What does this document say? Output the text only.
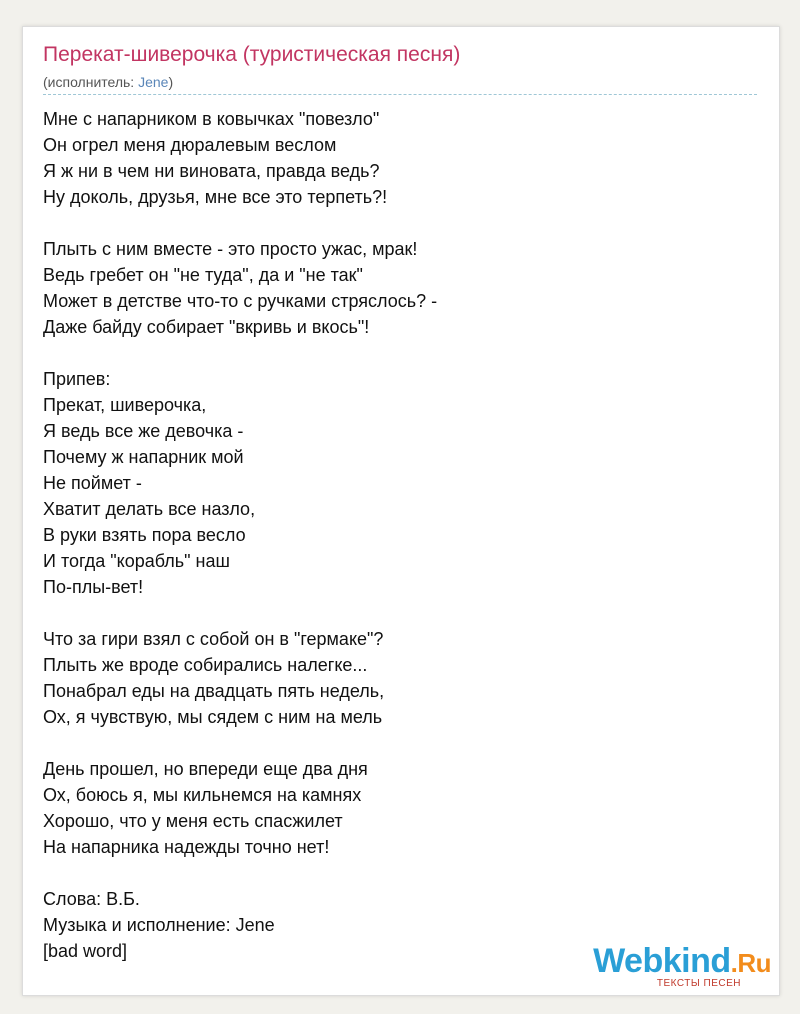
Перекат-шиверочка (туристическая песня)
(исполнитель: Jene)
Мне с напарником в ковычках "повезло"
Он огрел меня дюралевым веслом
Я ж ни в чем ни виновата, правда ведь?
Ну доколь, друзья, мне все это терпеть?!
Плыть с ним вместе - это просто ужас, мрак!
Ведь гребет он "не туда", да и "не так"
Может в детстве что-то с ручками стряслось? -
Даже байду собирает "вкривь и вкось"!
Припев:
Прекат, шиверочка,
Я ведь все же девочка -
Почему ж напарник мой
Не поймет -
Хватит делать все назло,
В руки взять пора весло
И тогда "корабль" наш
По-плы-вет!
Что за гири взял с собой он в "гермаке"?
Плыть же вроде собирались налегке...
Понабрал еды на двадцать пять недель,
Ох, я чувствую, мы сядем с ним на мель
День прошел, но впереди еще два дня
Ох, боюсь я, мы кильнемся на камнях
Хорошо, что у меня есть спасжилет
На напарника надежды точно нет!
Слова: В.Б.
Музыка и исполнение: Jene
[bad word]	Webkind.Ru
ТЕКСТЫ ПЕСЕН
